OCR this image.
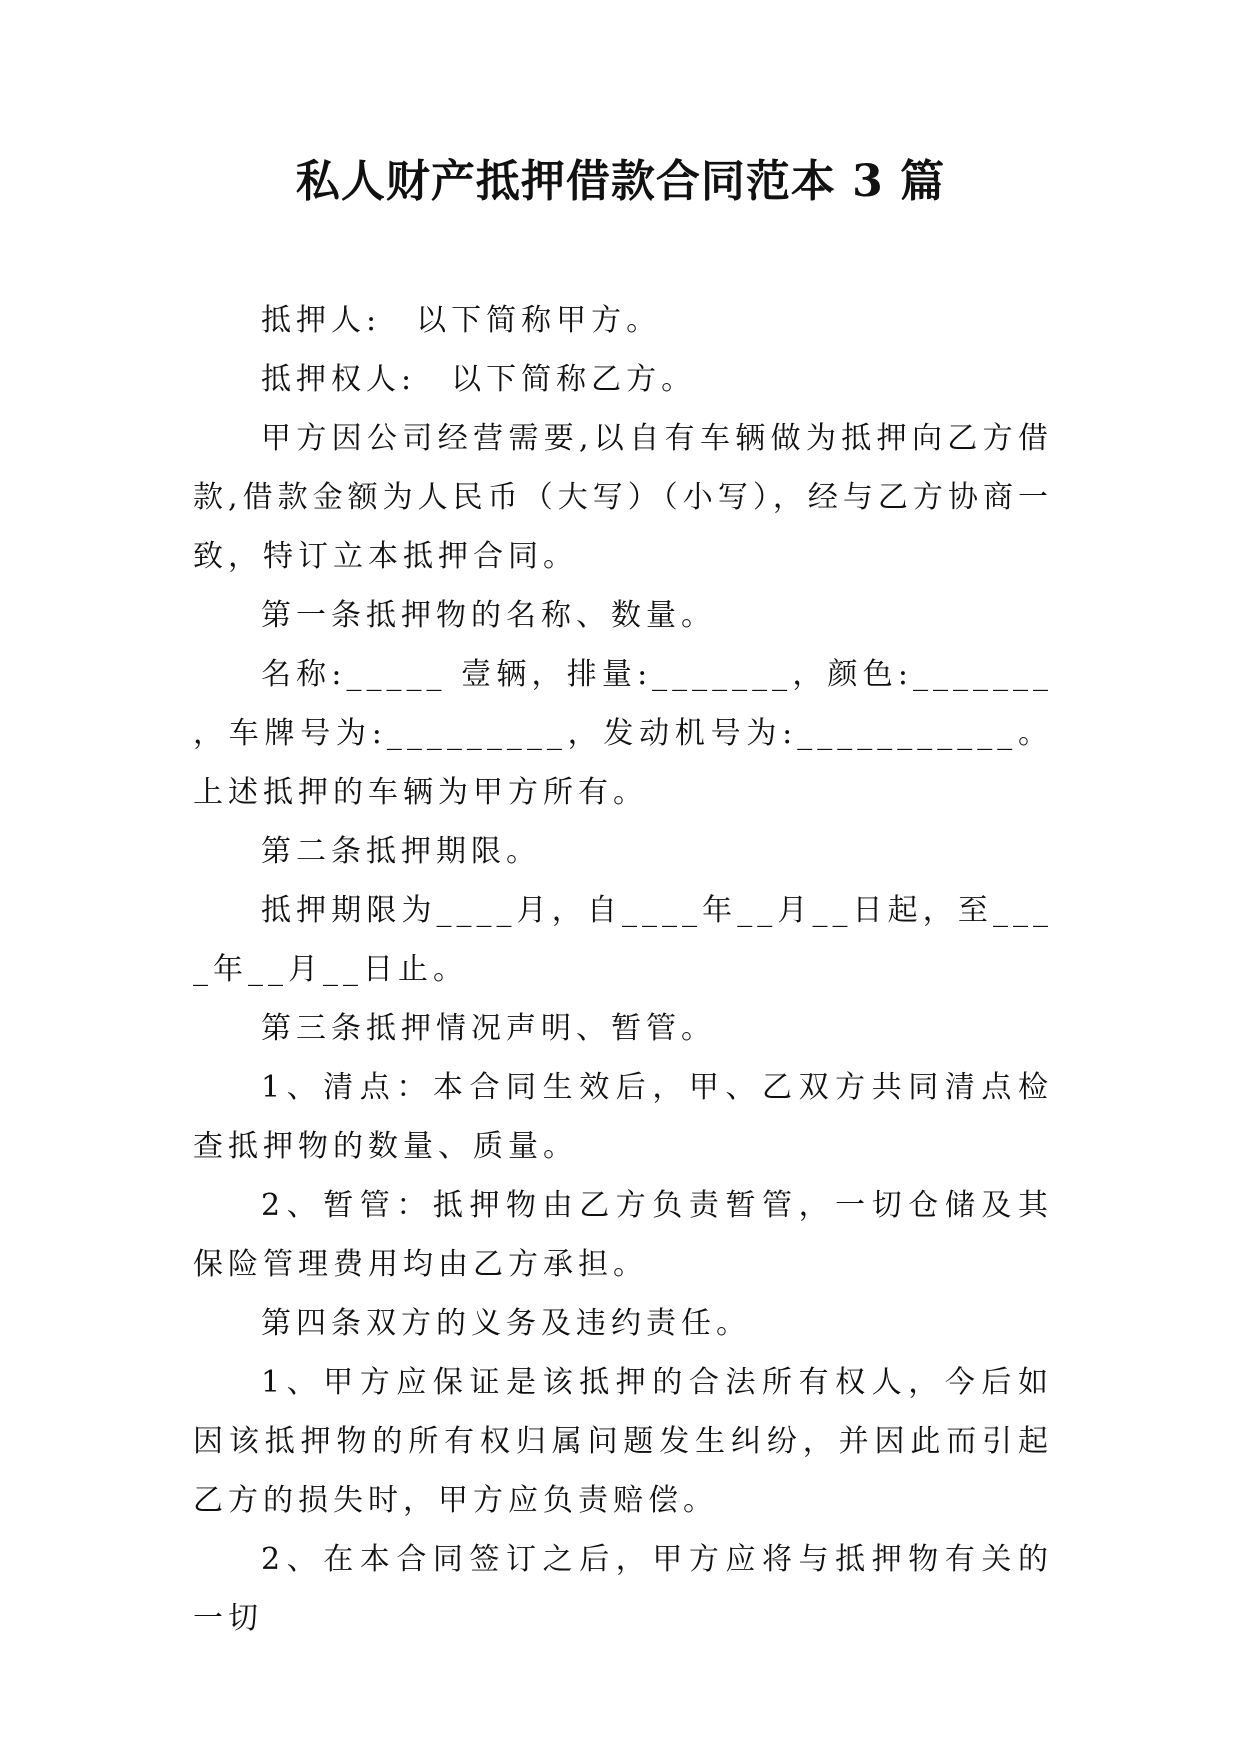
私人财产抵押借款合同范本 3 篇

抵押人:　以下简称甲方。

抵押权人:　以下简称乙方。

甲方因公司经营需要,以自有车辆做为抵押向乙方借款,借款金额为人民币（大写）（小写），经与乙方协商一致，特订立本抵押合同。

第一条抵押物的名称、数量。

名称:_____ 壹辆，排量:_______，颜色:_______ ，车牌号为:_________，发动机号为:___________。上述抵押的车辆为甲方所有。

第二条抵押期限。

抵押期限为____月，自____年__月__日起，至____年__月__日止。

第三条抵押情况声明、暂管。

1、清点：本合同生效后，甲、乙双方共同清点检查抵押物的数量、质量。

2、暂管：抵押物由乙方负责暂管，一切仓储及其保险管理费用均由乙方承担。

第四条双方的义务及违约责任。

1、甲方应保证是该抵押的合法所有权人，今后如因该抵押物的所有权归属问题发生纠纷，并因此而引起乙方的损失时，甲方应负责赔偿。

2、在本合同签订之后，甲方应将与抵押物有关的一切
